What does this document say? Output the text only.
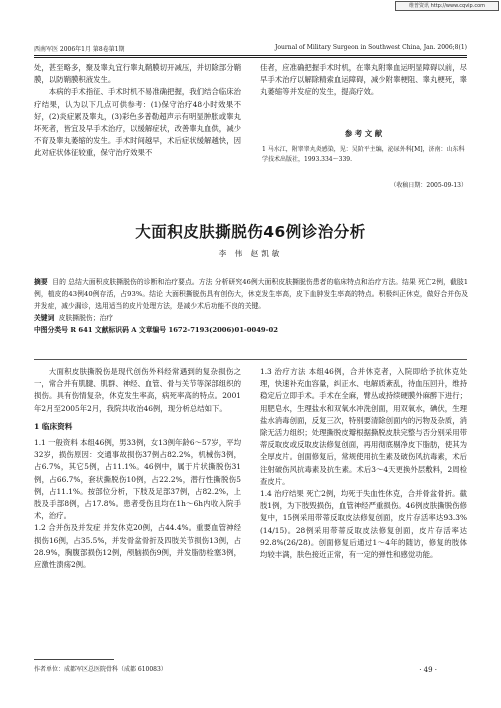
维普资讯 http://www.cqvip.com
西南军医 2006年1月 第8卷第1期	Journal of Military Surgeon in Southwest China, Jan. 2006;8(1)
处，甚至略多，聚及睾丸宜行睾丸鞘膜切开减压，并切除部分鞘膜，以防鞘膜积液发生。
本病的手术指征、手术时机不易准确把握，我们结合临床治疗结果，认为以下几点可供参考：(1)保守治疗48小时效果不好，(2)炎症累及睾丸，(3)彩色多普勒超声示有明显肿胀或睾丸坏死者，皆宜及早手术治疗，以缓解症状，改善睾丸血供，减少不育及睾丸萎缩的发生。手术时间越早，术后症状缓解越快，因此对症状体征较重，保守治疗效果不
佳者，应准确把握手术时机，在睾丸附睾血运明显障碍以前，尽早手术治疗以解除精索血运障碍，减少附睾梗阻、睾丸梗死，睾丸萎缩等并发症的发生，提高疗效。
参 考 文 献
1 马水江，附睾睾丸炎感染，见：吴阶平主编，泌尿外科[M]，济南：山东科学技术出版社，1993.334～339.
（收稿日期：2005-09-13）
大面积皮肤撕脱伤46例诊治分析
李 伟 赵凯敏
摘要 目的 总结大面积皮肤撕脱伤的诊断和治疗要点。方法 分析研究46例大面积皮肤撕脱伤患者的临床特点和治疗方法。结果 死亡2例，截肢1例，植皮的43例40例存活，占93%。结论 大面积撕脱伤具有创伤大，休克发生率高，皮下血肿发生率高的特点。积极纠正休克，做好合并伤及并发症，减少漏诊，选用适当的皮片处理方法，是减少术后功能不良的关键。
关键词 皮肤撕脱伤；治疗
中图分类号 R 641 文献标识码 A 文章编号 1672-7193(2006)01-0049-02
大面积皮肤撕脱伤是现代创伤外科经常遇到的复杂损伤之一，常合并有肌腱、肌群、神经、血管、骨与关节等深部组织的损伤。具有伤情复杂，休克发生率高，病死率高的特点。2001年2月至2005年2月，我院共收治46例，现分析总结如下。
1 临床资料
1.1 一般资料 本组46例，男33例，女13例年龄6～57岁，平均32岁，损伤原因：交通事故损伤37例占82.2%，机械伤3例，占6.7%，其它5例，占11.1%。46例中，属于片状撕脱伤31例，占66.7%，套状撕脱伤10例，占22.2%，潜行性撕脱伤5例，占11.1%。按部位分析，下肢及足部37例，占82.2%，上肢及手部8例，占17.8%。患者受伤且均在1h～6h内收入院手术，治疗。
1.2 合并伤及并发症 并发休克20例，占44.4%。重要血管神经损伤16例，占35.5%，并发骨盆骨折及四肢关节损伤13例，占28.9%，胸腹部损伤12例，颅脑损伤9例，并发脂肪栓塞3例，应激性溃疡2例。
1.3 治疗方法 本组46例，合并休克者，入院即给予抗休克处理，快速补充血容量，纠正水、电解质紊乱，待血压回升，维持稳定后立即手术。手术在全麻，臂丛或持续硬膜外麻醉下进行；用肥皂水，生理盐水和双氧水冲洗创面，用双氧水，碘伏，生理盐水消毒创面，反复三次，特别要清除创面内的污物及杂质，消除无活力组织；处理撕脱皮瓣根据撕脱皮肤完整与否分别采用带蒂反取皮或反取皮法修复创面，再用彻底剔净皮下脂肪，使其为全厚皮片。创面修复后，常规使用抗生素及破伤风抗毒素，术后注射破伤风抗毒素及抗生素。术后3～4天更换外层敷料，2周检查皮片。
1.4 治疗结果 死亡2例，均死于失血性休克，合并骨盆骨折。截肢1例，为下肢毁损伤，血管神经严重损伤。46例皮肤撕脱伤修复中，15例采用带蒂反取皮法修复创面，皮片存活率达93.3%(14/15)。28例采用带蒂反取皮法修复创面，皮片存活率达92.8%(26/28)。创面修复后通过1～4年的随访，修复的肢体均较丰满，肤色接近正常，有一定的弹性和感觉功能。
作者单位：成都军区总医院骨科（成都 610083）	· 49 ·
